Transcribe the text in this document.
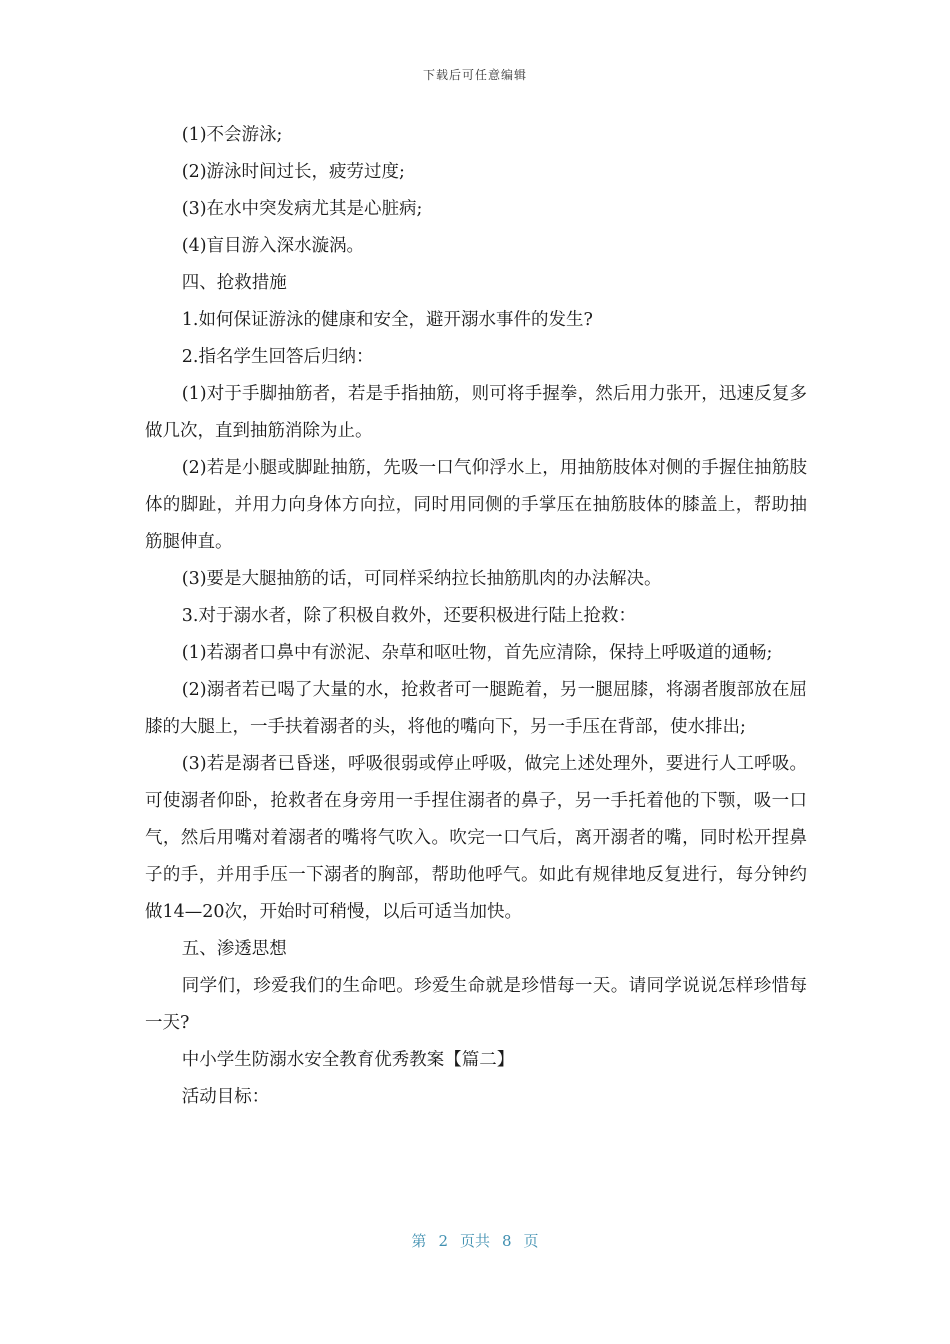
下载后可任意编辑

(1)不会游泳;

(2)游泳时间过长，疲劳过度;

(3)在水中突发病尤其是心脏病;

(4)盲目游入深水漩涡。

四、抢救措施

1.如何保证游泳的健康和安全，避开溺水事件的发生?

2.指名学生回答后归纳：

(1)对于手脚抽筋者，若是手指抽筋，则可将手握拳，然后用力张开，迅速反复多做几次，直到抽筋消除为止。

(2)若是小腿或脚趾抽筋，先吸一口气仰浮水上，用抽筋肢体对侧的手握住抽筋肢体的脚趾，并用力向身体方向拉，同时用同侧的手掌压在抽筋肢体的膝盖上，帮助抽筋腿伸直。

(3)要是大腿抽筋的话，可同样采纳拉长抽筋肌肉的办法解决。

3.对于溺水者，除了积极自救外，还要积极进行陆上抢救：

(1)若溺者口鼻中有淤泥、杂草和呕吐物，首先应清除，保持上呼吸道的通畅;

(2)溺者若已喝了大量的水，抢救者可一腿跪着，另一腿屈膝，将溺者腹部放在屈膝的大腿上，一手扶着溺者的头，将他的嘴向下，另一手压在背部，使水排出;

(3)若是溺者已昏迷，呼吸很弱或停止呼吸，做完上述处理外，要进行人工呼吸。可使溺者仰卧，抢救者在身旁用一手捏住溺者的鼻子，另一手托着他的下颚，吸一口气，然后用嘴对着溺者的嘴将气吹入。吹完一口气后，离开溺者的嘴，同时松开捏鼻子的手，并用手压一下溺者的胸部，帮助他呼气。如此有规律地反复进行，每分钟约做14—20次，开始时可稍慢，以后可适当加快。

五、渗透思想

同学们，珍爱我们的生命吧。珍爱生命就是珍惜每一天。请同学说说怎样珍惜每一天?

中小学生防溺水安全教育优秀教案【篇二】

活动目标：

第 2 页共 8 页
